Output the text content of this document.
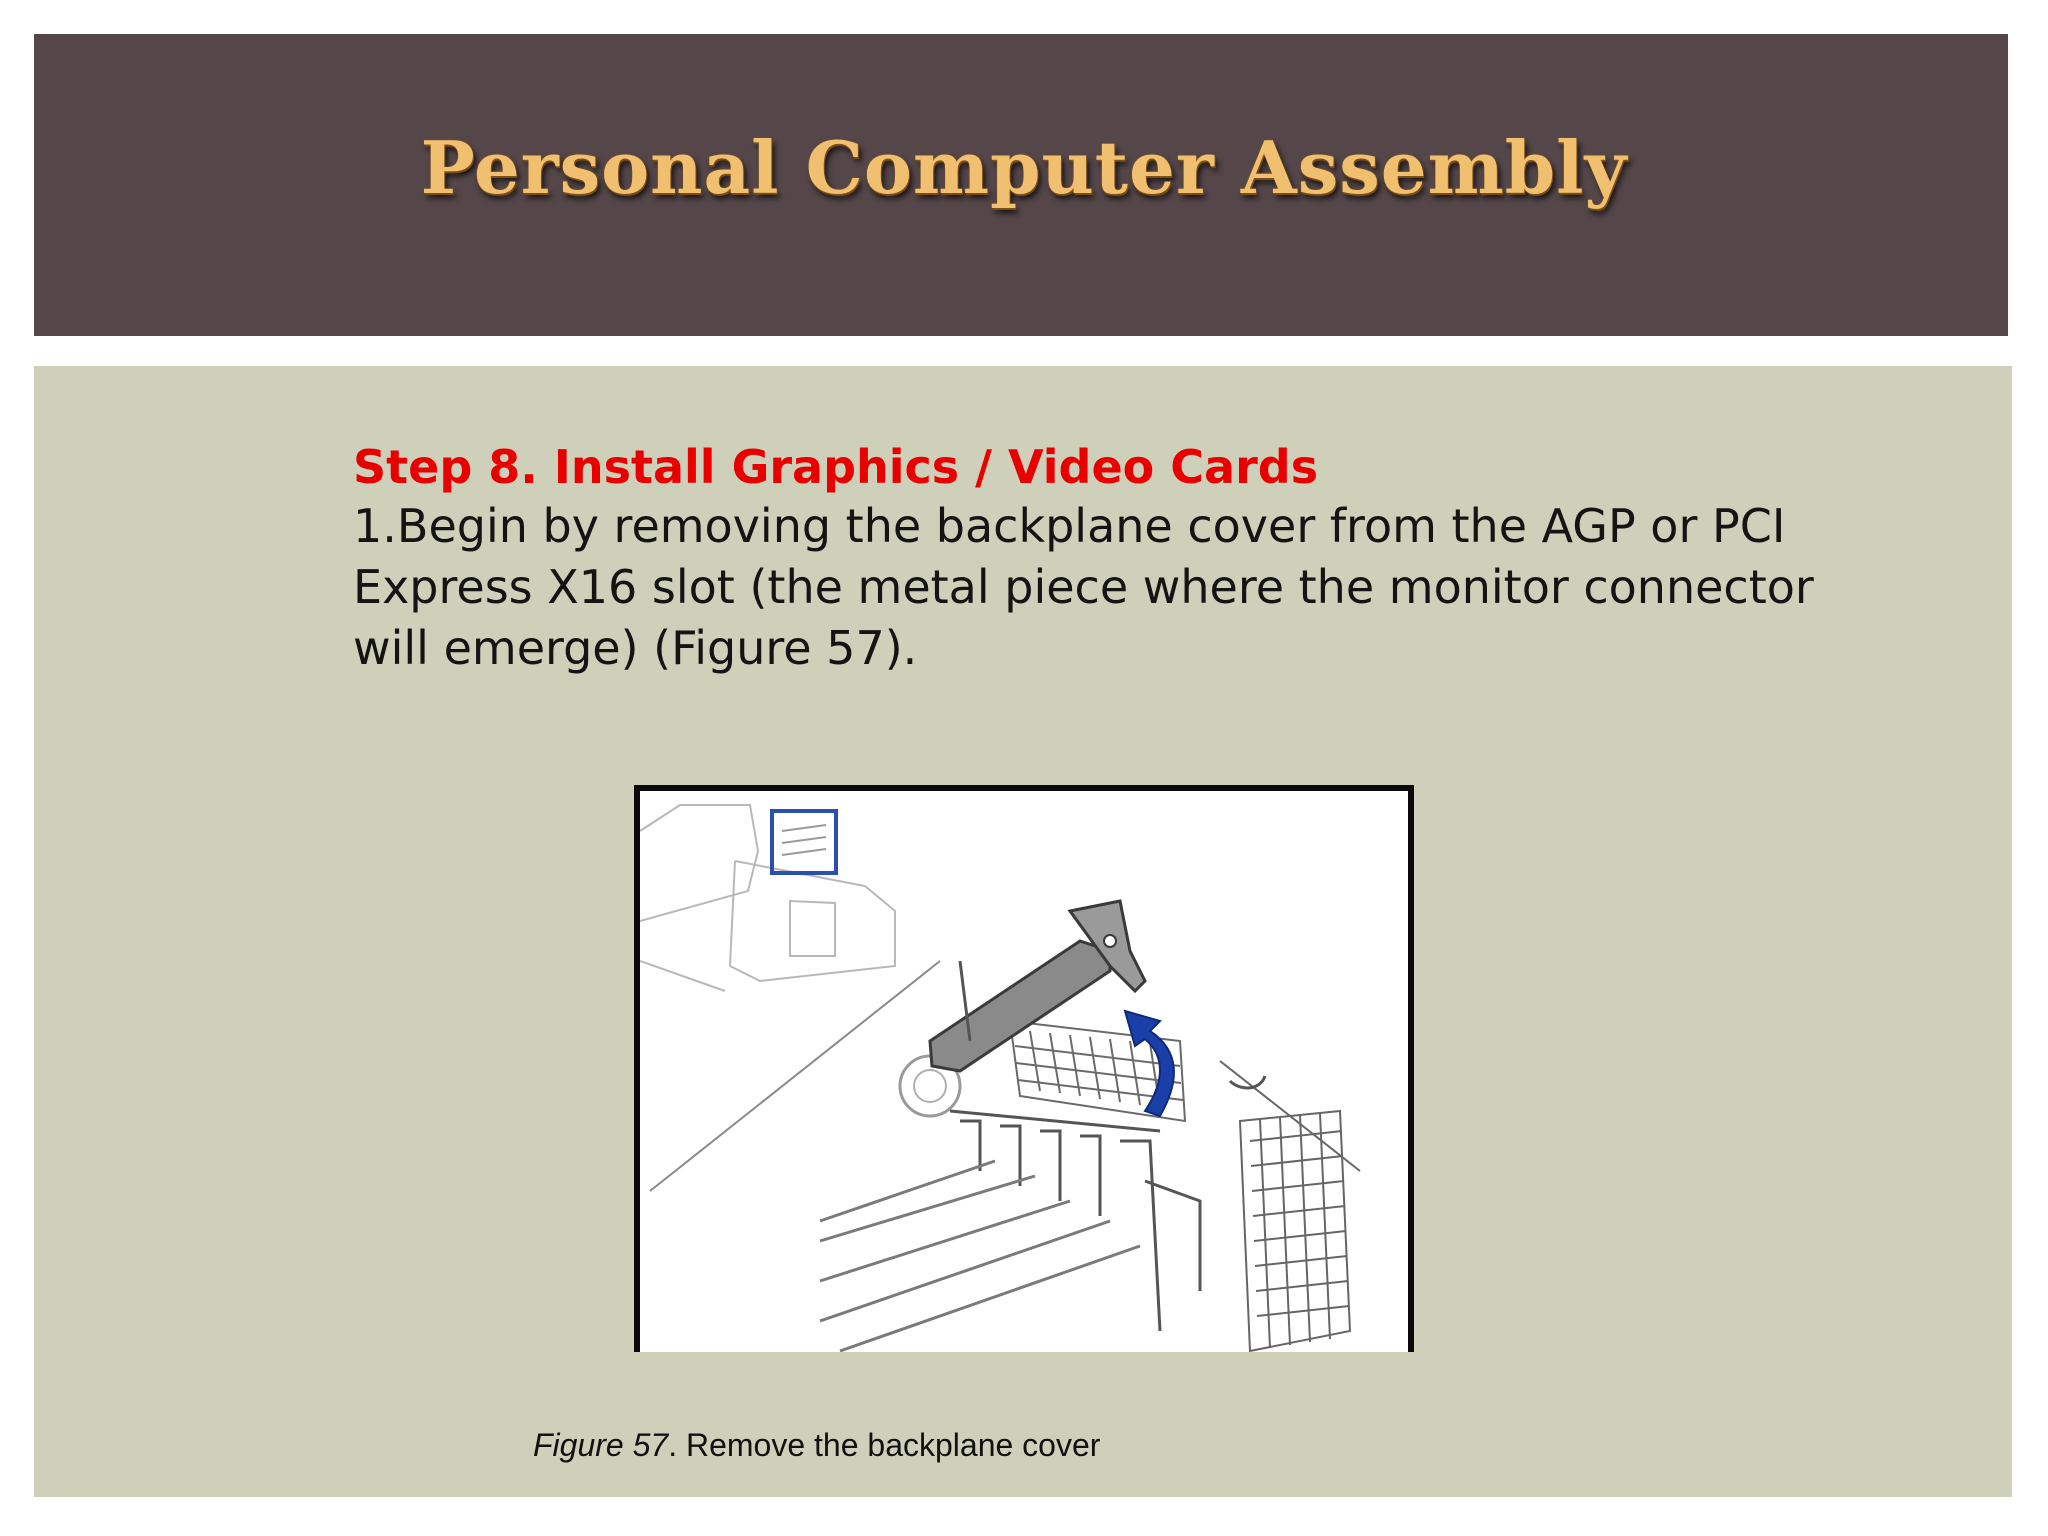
Personal Computer Assembly
Step 8. Install Graphics / Video Cards
1.Begin by removing the backplane cover from the AGP or PCI Express X16 slot (the metal piece where the monitor connector will emerge) (Figure 57).
Figure 57. Remove the backplane cover
